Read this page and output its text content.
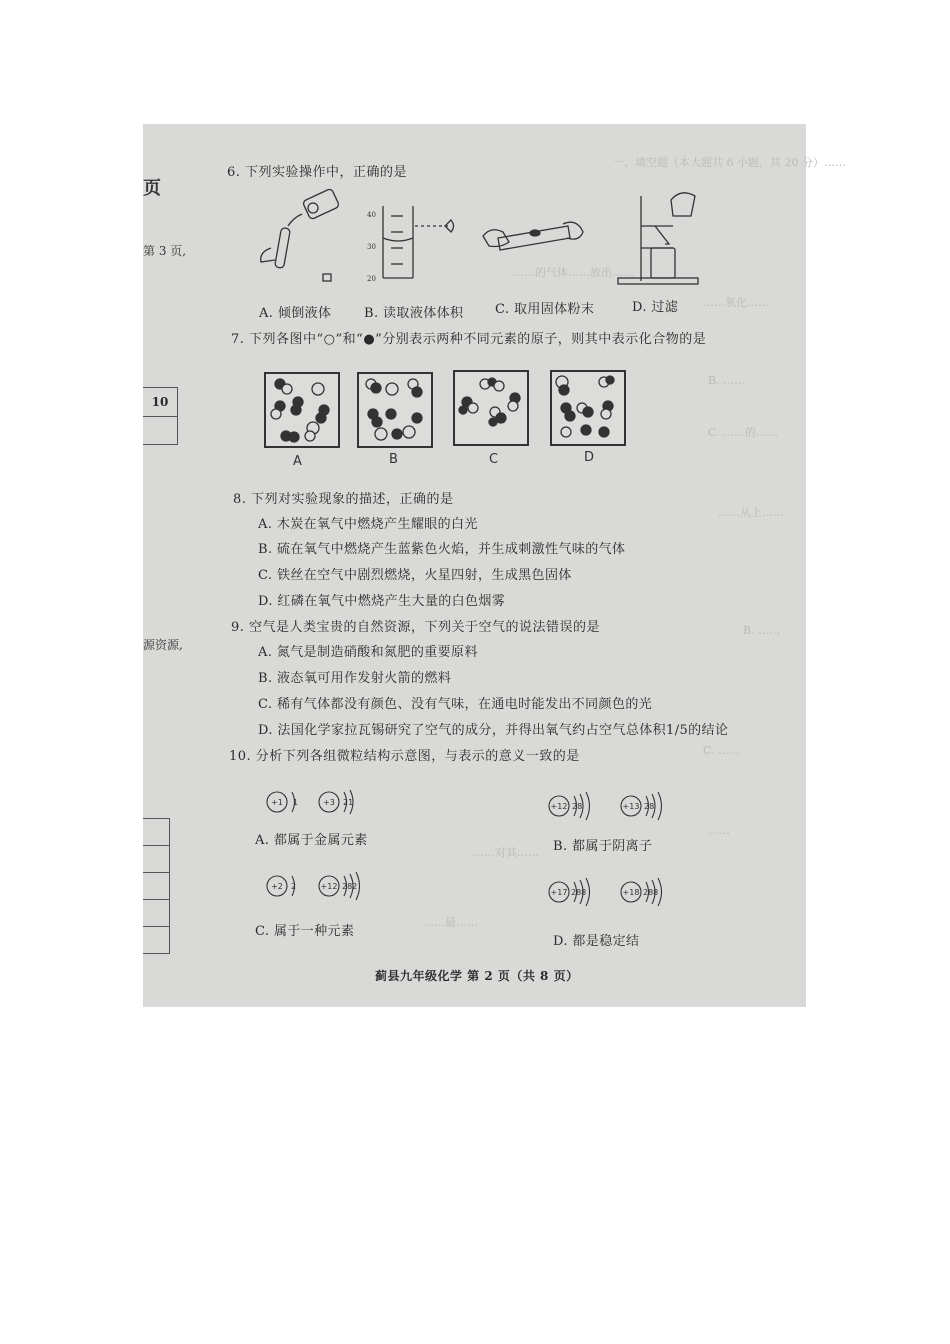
一、填空题（本大题共 6 小题，共 20 分）……
……的气体……放出……
……氧化……
B. ……
C. ……的……
……从上……
B. ……
C. ……
……
……对其……
……最……
页
第 3 页,
10
源资源,
6. 下列实验操作中，正确的是
40
30
20
A. 倾倒液体	B. 读取液体体积 C. 取用固体粉末	D. 过滤
7. 下列各图中“○”和“●”分别表示两种不同元素的原子，则其中表示化合物的是
A	B	C	D
8. 下列对实验现象的描述，正确的是
A. 木炭在氧气中燃烧产生耀眼的白光
B. 硫在氧气中燃烧产生蓝紫色火焰，并生成刺激性气味的气体
C. 铁丝在空气中剧烈燃烧，火星四射，生成黑色固体
D. 红磷在氧气中燃烧产生大量的白色烟雾
9. 空气是人类宝贵的自然资源，下列关于空气的说法错误的是
A. 氮气是制造硝酸和氮肥的重要原料
B. 液态氧可用作发射火箭的燃料
C. 稀有气体都没有颜色、没有气味，在通电时能发出不同颜色的光
D. 法国化学家拉瓦锡研究了空气的成分，并得出氧气约占空气总体积1/5的结论
10. 分析下列各组微粒结构示意图，与表示的意义一致的是
+1 1	+3 21	+12 28	+13 28
+2 2	+12 282
+17 288	+18 288
A. 都属于金属元素	B. 都属于阴离子
C. 属于一种元素
D. 都是稳定结
蓟县九年级化学 第 2 页（共 8 页）
